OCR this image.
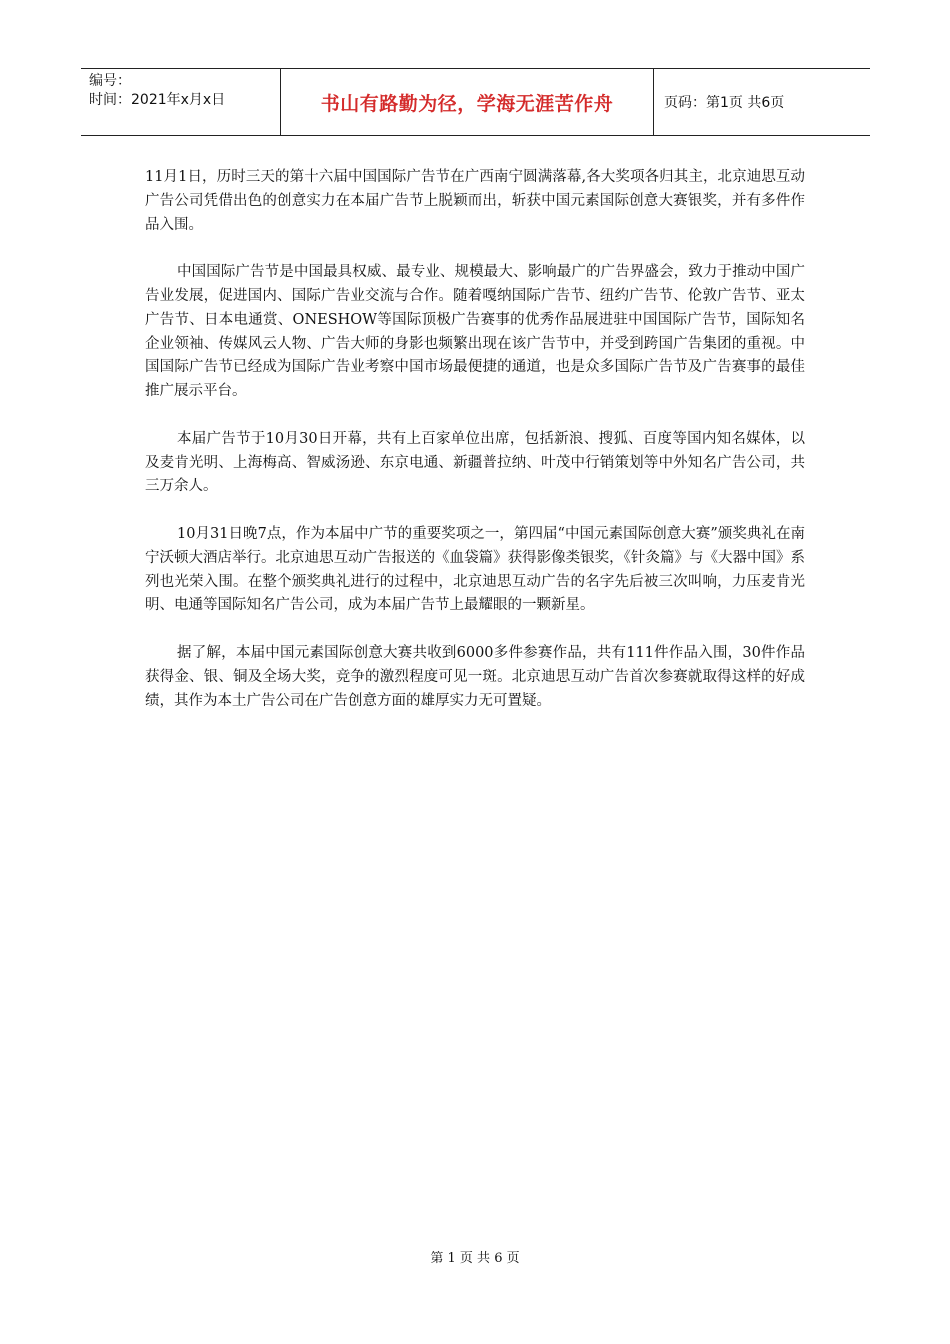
编号：
时间：2021年x月x日	书山有路勤为径，学海无涯苦作舟	页码：第1页 共6页

11月1日，历时三天的第十六届中国国际广告节在广西南宁圆满落幕,各大奖项各归其主，北京迪思互动广告公司凭借出色的创意实力在本届广告节上脱颖而出，斩获中国元素国际创意大赛银奖，并有多件作品入围。

中国国际广告节是中国最具权威、最专业、规模最大、影响最广的广告界盛会，致力于推动中国广告业发展，促进国内、国际广告业交流与合作。随着嘎纳国际广告节、纽约广告节、伦敦广告节、亚太广告节、日本电通赏、ONESHOW等国际顶极广告赛事的优秀作品展进驻中国国际广告节，国际知名企业领袖、传媒风云人物、广告大师的身影也频繁出现在该广告节中，并受到跨国广告集团的重视。中国国际广告节已经成为国际广告业考察中国市场最便捷的通道，也是众多国际广告节及广告赛事的最佳推广展示平台。

本届广告节于10月30日开幕，共有上百家单位出席，包括新浪、搜狐、百度等国内知名媒体，以及麦肯光明、上海梅高、智威汤逊、东京电通、新疆普拉纳、叶茂中行销策划等中外知名广告公司，共三万余人。

10月31日晚7点，作为本届中广节的重要奖项之一，第四届“中国元素国际创意大赛”颁奖典礼在南宁沃顿大酒店举行。北京迪思互动广告报送的《血袋篇》获得影像类银奖，《针灸篇》与《大器中国》系列也光荣入围。在整个颁奖典礼进行的过程中，北京迪思互动广告的名字先后被三次叫响，力压麦肯光明、电通等国际知名广告公司，成为本届广告节上最耀眼的一颗新星。

据了解，本届中国元素国际创意大赛共收到6000多件参赛作品，共有111件作品入围，30件作品获得金、银、铜及全场大奖，竞争的激烈程度可见一斑。北京迪思互动广告首次参赛就取得这样的好成绩，其作为本土广告公司在广告创意方面的雄厚实力无可置疑。

第 1 页 共 6 页
